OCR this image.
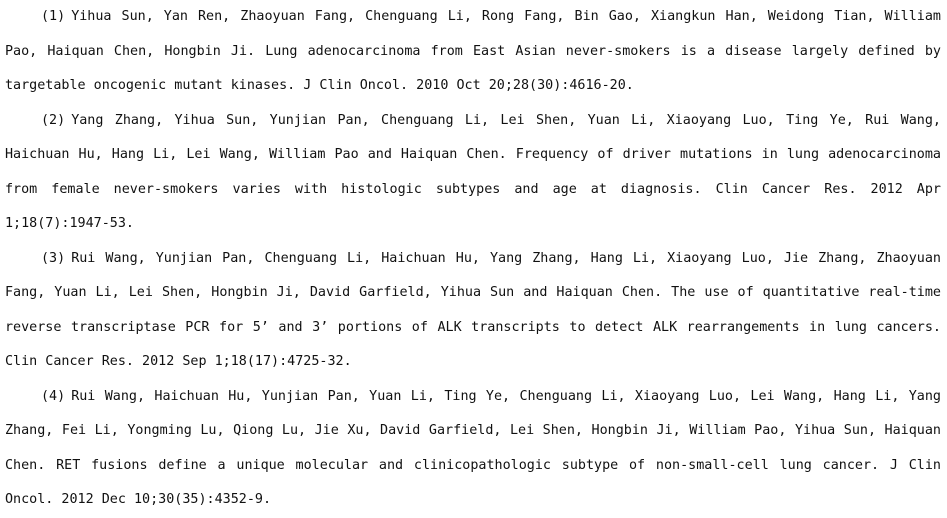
(1) Yihua Sun, Yan Ren, Zhaoyuan Fang, Chenguang Li, Rong Fang, Bin Gao, Xiangkun Han, Weidong Tian, William Pao, Haiquan Chen, Hongbin Ji. Lung adenocarcinoma from East Asian never-smokers is a disease largely defined by targetable oncogenic mutant kinases. J Clin Oncol. 2010 Oct 20;28(30):4616-20.

(2) Yang Zhang, Yihua Sun, Yunjian Pan, Chenguang Li, Lei Shen, Yuan Li, Xiaoyang Luo, Ting Ye, Rui Wang, Haichuan Hu, Hang Li, Lei Wang, William Pao and Haiquan Chen. Frequency of driver mutations in lung adenocarcinoma from female never-smokers varies with histologic subtypes and age at diagnosis. Clin Cancer Res. 2012 Apr 1;18(7):1947-53.

(3) Rui Wang, Yunjian Pan, Chenguang Li, Haichuan Hu, Yang Zhang, Hang Li, Xiaoyang Luo, Jie Zhang, Zhaoyuan Fang, Yuan Li, Lei Shen, Hongbin Ji, David Garfield, Yihua Sun and Haiquan Chen. The use of quantitative real-time reverse transcriptase PCR for 5’ and 3’ portions of ALK transcripts to detect ALK rearrangements in lung cancers. Clin Cancer Res. 2012 Sep 1;18(17):4725-32.

(4) Rui Wang, Haichuan Hu, Yunjian Pan, Yuan Li, Ting Ye, Chenguang Li, Xiaoyang Luo, Lei Wang, Hang Li, Yang Zhang, Fei Li, Yongming Lu, Qiong Lu, Jie Xu, David Garfield, Lei Shen, Hongbin Ji, William Pao, Yihua Sun, Haiquan Chen. RET fusions define a unique molecular and clinicopathologic subtype of non-small-cell lung cancer. J Clin Oncol. 2012 Dec 10;30(35):4352-9.
